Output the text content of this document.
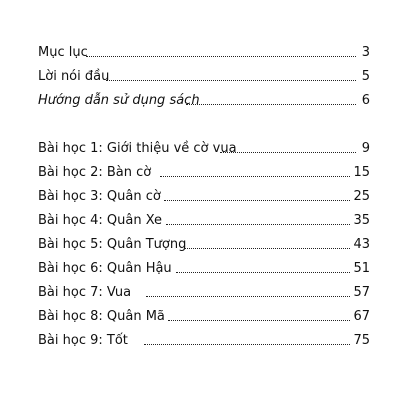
Mục lục	3
Lời nói đầu	5
Hướng dẫn sử dụng sách	6
Bài học 1: Giới thiệu về cờ vua	9
Bài học 2: Bàn cờ	15
Bài học 3: Quân cờ	25
Bài học 4: Quân Xe	35
Bài học 5: Quân Tượng	43
Bài học 6: Quân Hậu	51
Bài học 7: Vua	57
Bài học 8: Quân Mã	67
Bài học 9: Tốt	75
